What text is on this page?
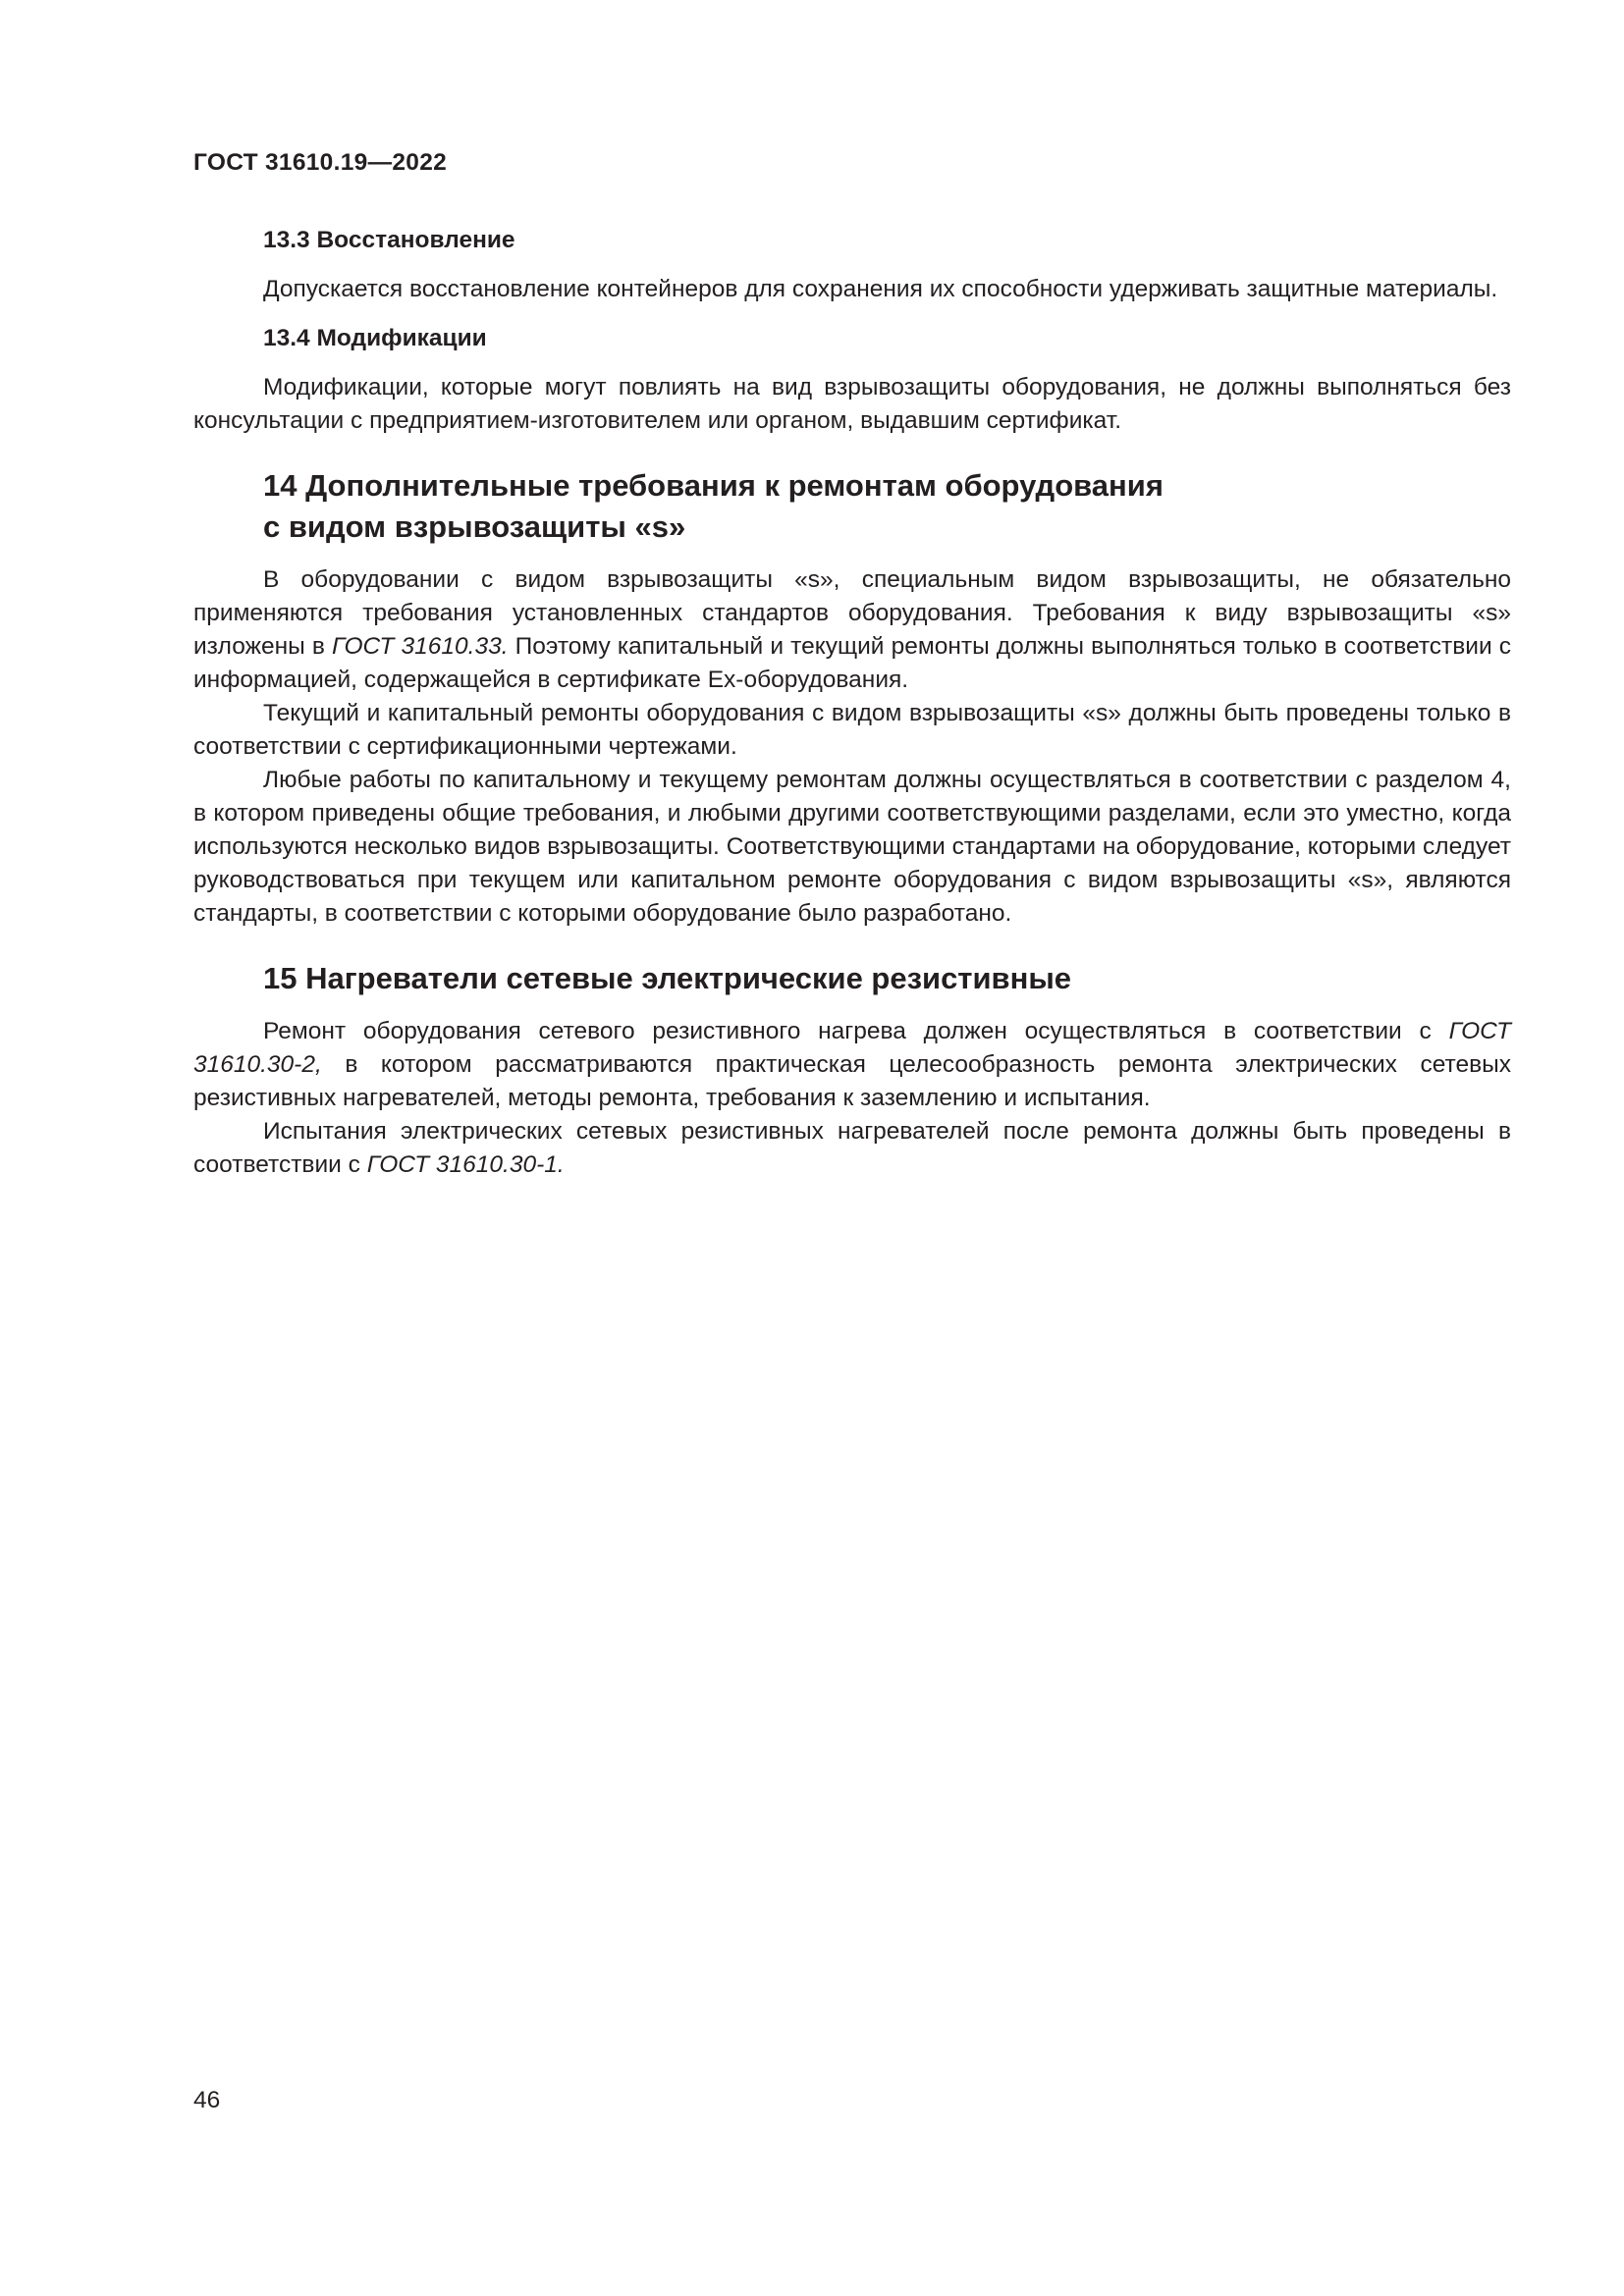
ГОСТ 31610.19—2022

13.3 Восстановление

Допускается восстановление контейнеров для сохранения их способности удерживать защитные материалы.

13.4 Модификации

Модификации, которые могут повлиять на вид взрывозащиты оборудования, не должны выполняться без консультации с предприятием-изготовителем или органом, выдавшим сертификат.

14 Дополнительные требования к ремонтам оборудования
с видом взрывозащиты «s»

В оборудовании с видом взрывозащиты «s», специальным видом взрывозащиты, не обязательно применяются требования установленных стандартов оборудования. Требования к виду взрывозащиты «s» изложены в ГОСТ 31610.33. Поэтому капитальный и текущий ремонты должны выполняться только в соответствии с информацией, содержащейся в сертификате Ex-оборудования.

Текущий и капитальный ремонты оборудования с видом взрывозащиты «s» должны быть проведены только в соответствии с сертификационными чертежами.

Любые работы по капитальному и текущему ремонтам должны осуществляться в соответствии с разделом 4, в котором приведены общие требования, и любыми другими соответствующими разделами, если это уместно, когда используются несколько видов взрывозащиты. Соответствующими стандартами на оборудование, которыми следует руководствоваться при текущем или капитальном ремонте оборудования с видом взрывозащиты «s», являются стандарты, в соответствии с которыми оборудование было разработано.

15 Нагреватели сетевые электрические резистивные

Ремонт оборудования сетевого резистивного нагрева должен осуществляться в соответствии с ГОСТ 31610.30-2, в котором рассматриваются практическая целесообразность ремонта электрических сетевых резистивных нагревателей, методы ремонта, требования к заземлению и испытания.

Испытания электрических сетевых резистивных нагревателей после ремонта должны быть проведены в соответствии с ГОСТ 31610.30-1.

46
